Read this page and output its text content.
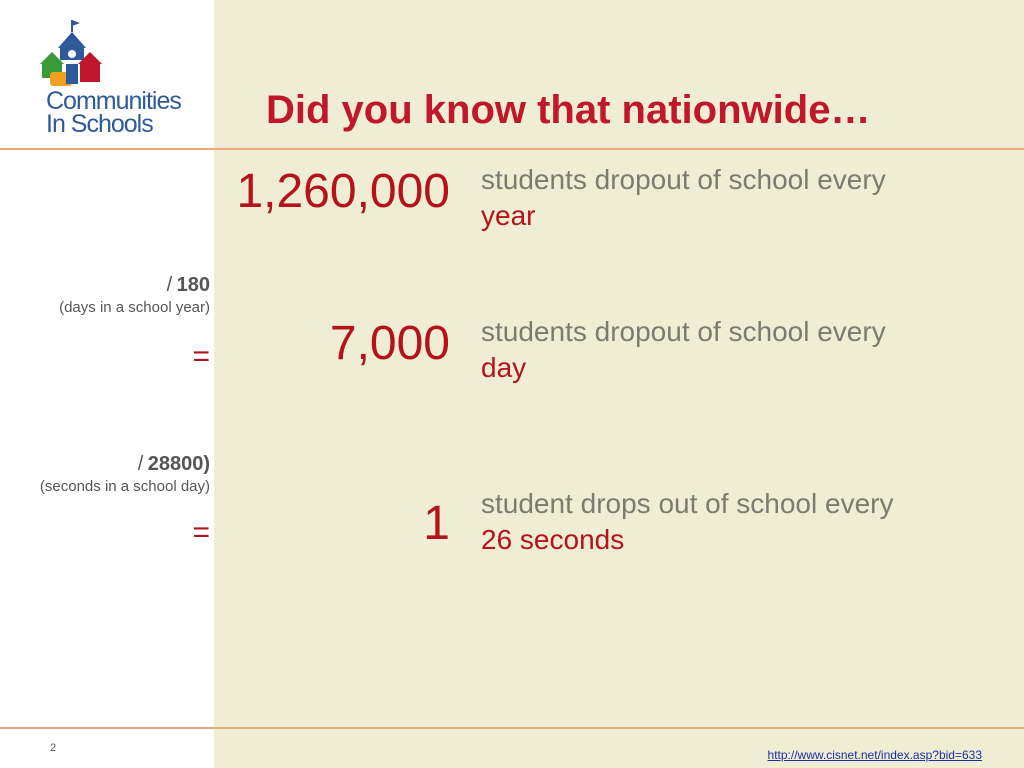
Communities
In Schools	Did you know that nationwide…
1,260,000 students dropout of school every
year
/ 180
(days in a school year)
= 7,000 students dropout of school every
day
/ 28800)
(seconds in a school day)
=	1 student drops out of school every
26 seconds
2	http://www.cisnet.net/index.asp?bid=633
